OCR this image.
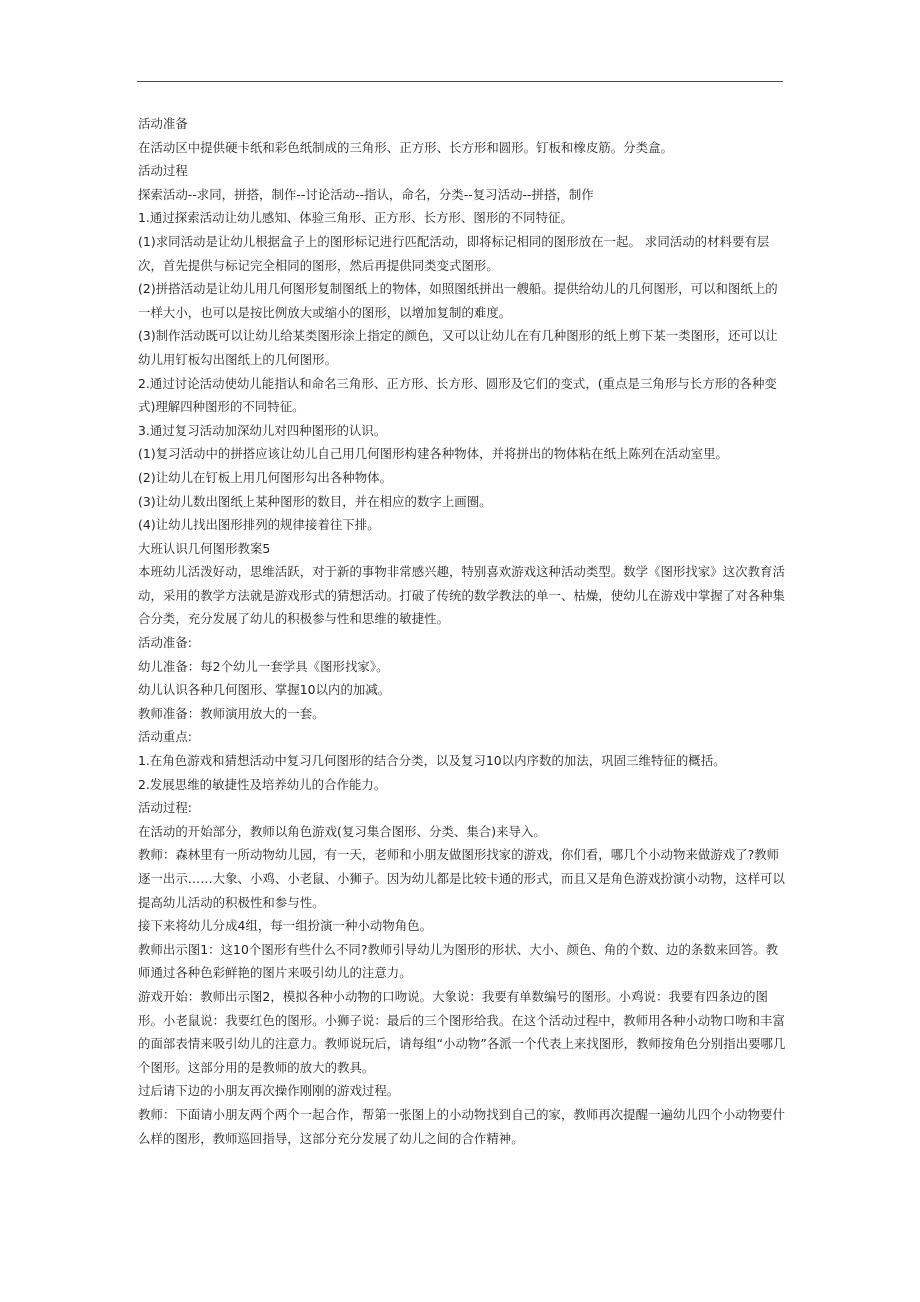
活动准备

在活动区中提供硬卡纸和彩色纸制成的三角形、正方形、长方形和圆形。钉板和橡皮筋。分类盒。

活动过程

探索活动--求同，拼搭，制作--讨论活动--指认，命名，分类--复习活动--拼搭，制作

1.通过探索活动让幼儿感知、体验三角形、正方形、长方形、图形的不同特征。

(1)求同活动是让幼儿根据盒子上的图形标记进行匹配活动，即将标记相同的图形放在一起。 求同活动的材料要有层次，首先提供与标记完全相同的图形，然后再提供同类变式图形。

(2)拼搭活动是让幼儿用几何图形复制图纸上的物体，如照图纸拼出一艘船。提供给幼儿的几何图形，可以和图纸上的一样大小，也可以是按比例放大或缩小的图形，以增加复制的难度。

(3)制作活动既可以让幼儿给某类图形涂上指定的颜色，又可以让幼儿在有几种图形的纸上剪下某一类图形，还可以让幼儿用钉板勾出图纸上的几何图形。

2.通过讨论活动使幼儿能指认和命名三角形、正方形、长方形、圆形及它们的变式，(重点是三角形与长方形的各种变式)理解四种图形的不同特征。

3.通过复习活动加深幼儿对四种图形的认识。

(1)复习活动中的拼搭应该让幼儿自己用几何图形构建各种物体，并将拼出的物体粘在纸上陈列在活动室里。

(2)让幼儿在钉板上用几何图形勾出各种物体。

(3)让幼儿数出图纸上某种图形的数目，并在相应的数字上画圈。

(4)让幼儿找出图形排列的规律接着往下排。

大班认识几何图形教案5

本班幼儿活泼好动，思维活跃，对于新的事物非常感兴趣，特别喜欢游戏这种活动类型。数学《图形找家》这次教育活动，采用的教学方法就是游戏形式的猜想活动。打破了传统的数学教法的单一、枯燥，使幼儿在游戏中掌握了对各种集合分类，充分发展了幼儿的积极参与性和思维的敏捷性。

活动准备:

幼儿准备：每2个幼儿一套学具《图形找家》。

幼儿认识各种几何图形、掌握10以内的加减。

教师准备：教师演用放大的一套。

活动重点:

1.在角色游戏和猜想活动中复习几何图形的结合分类，以及复习10以内序数的加法，巩固三维特征的概括。

2.发展思维的敏捷性及培养幼儿的合作能力。

活动过程:

在活动的开始部分，教师以角色游戏(复习集合图形、分类、集合)来导入。

教师：森林里有一所动物幼儿园，有一天，老师和小朋友做图形找家的游戏，你们看，哪几个小动物来做游戏了?教师逐一出示……大象、小鸡、小老鼠、小狮子。因为幼儿都是比较卡通的形式，而且又是角色游戏扮演小动物，这样可以提高幼儿活动的积极性和参与性。

接下来将幼儿分成4组，每一组扮演一种小动物角色。

教师出示图1：这10个图形有些什么不同?教师引导幼儿为图形的形状、大小、颜色、角的个数、边的条数来回答。教师通过各种色彩鲜艳的图片来吸引幼儿的注意力。

游戏开始：教师出示图2，模拟各种小动物的口吻说。大象说：我要有单数编号的图形。小鸡说：我要有四条边的图形。小老鼠说：我要红色的图形。小狮子说：最后的三个图形给我。在这个活动过程中，教师用各种小动物口吻和丰富的面部表情来吸引幼儿的注意力。教师说玩后，请每组“小动物”各派一个代表上来找图形，教师按角色分别指出要哪几个图形。这部分用的是教师的放大的教具。

过后请下边的小朋友再次操作刚刚的游戏过程。

教师：下面请小朋友两个两个一起合作，帮第一张图上的小动物找到自己的家，教师再次提醒一遍幼儿四个小动物要什么样的图形，教师巡回指导，这部分充分发展了幼儿之间的合作精神。
